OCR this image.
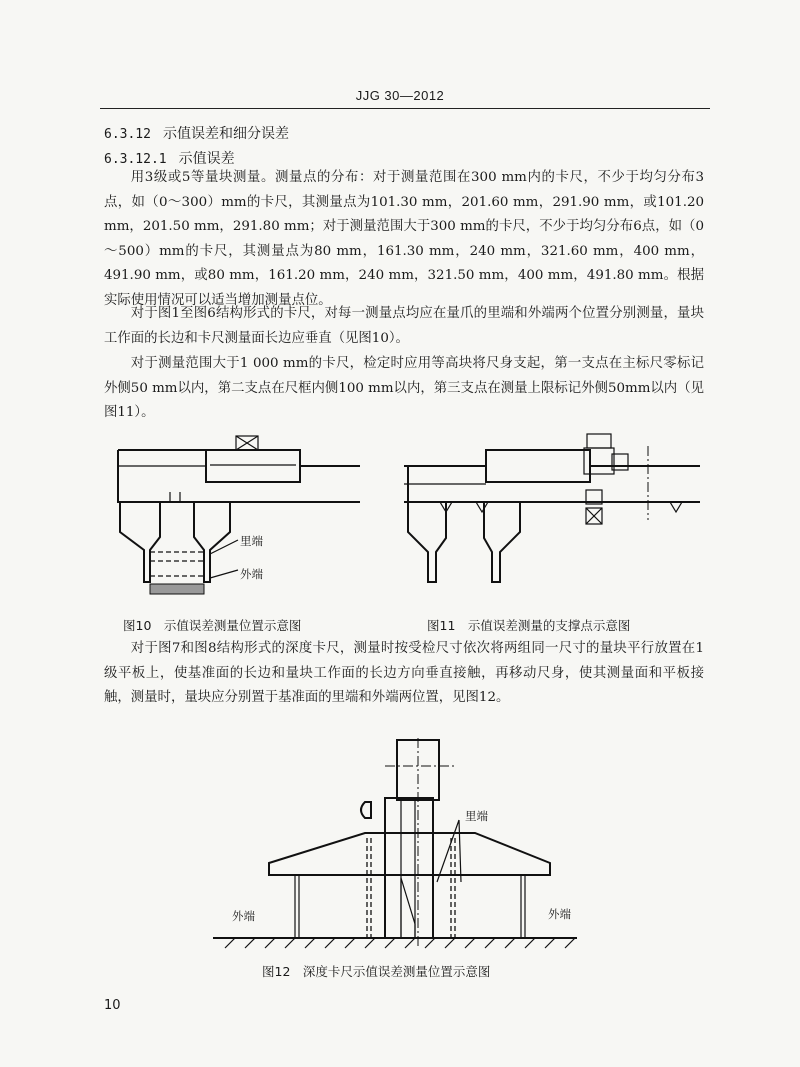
JJG 30—2012
6.3.12 示值误差和细分误差
6.3.12.1 示值误差
用3级或5等量块测量。测量点的分布：对于测量范围在300 mm内的卡尺，不少于均匀分布3点，如（0～300）mm的卡尺，其测量点为101.30 mm，201.60 mm，291.90 mm，或101.20 mm，201.50 mm，291.80 mm；对于测量范围大于300 mm的卡尺，不少于均匀分布6点，如（0～500）mm的卡尺，其测量点为80 mm，161.30 mm，240 mm，321.60 mm，400 mm，491.90 mm，或80 mm，161.20 mm，240 mm，321.50 mm，400 mm，491.80 mm。根据实际使用情况可以适当增加测量点位。
对于图1至图6结构形式的卡尺，对每一测量点均应在量爪的里端和外端两个位置分别测量，量块工作面的长边和卡尺测量面长边应垂直（见图10）。
对于测量范围大于1 000 mm的卡尺，检定时应用等高块将尺身支起，第一支点在主标尺零标记外侧50 mm以内，第二支点在尺框内侧100 mm以内，第三支点在测量上限标记外侧50mm以内（见图11）。
里端
外端
图10　示值误差测量位置示意图	图11　示值误差测量的支撑点示意图
对于图7和图8结构形式的深度卡尺，测量时按受检尺寸依次将两组同一尺寸的量块平行放置在1级平板上，使基准面的长边和量块工作面的长边方向垂直接触，再移动尺身，使其测量面和平板接触，测量时，量块应分别置于基准面的里端和外端两位置，见图12。
里端
外端	外端
图12　深度卡尺示值误差测量位置示意图
10
